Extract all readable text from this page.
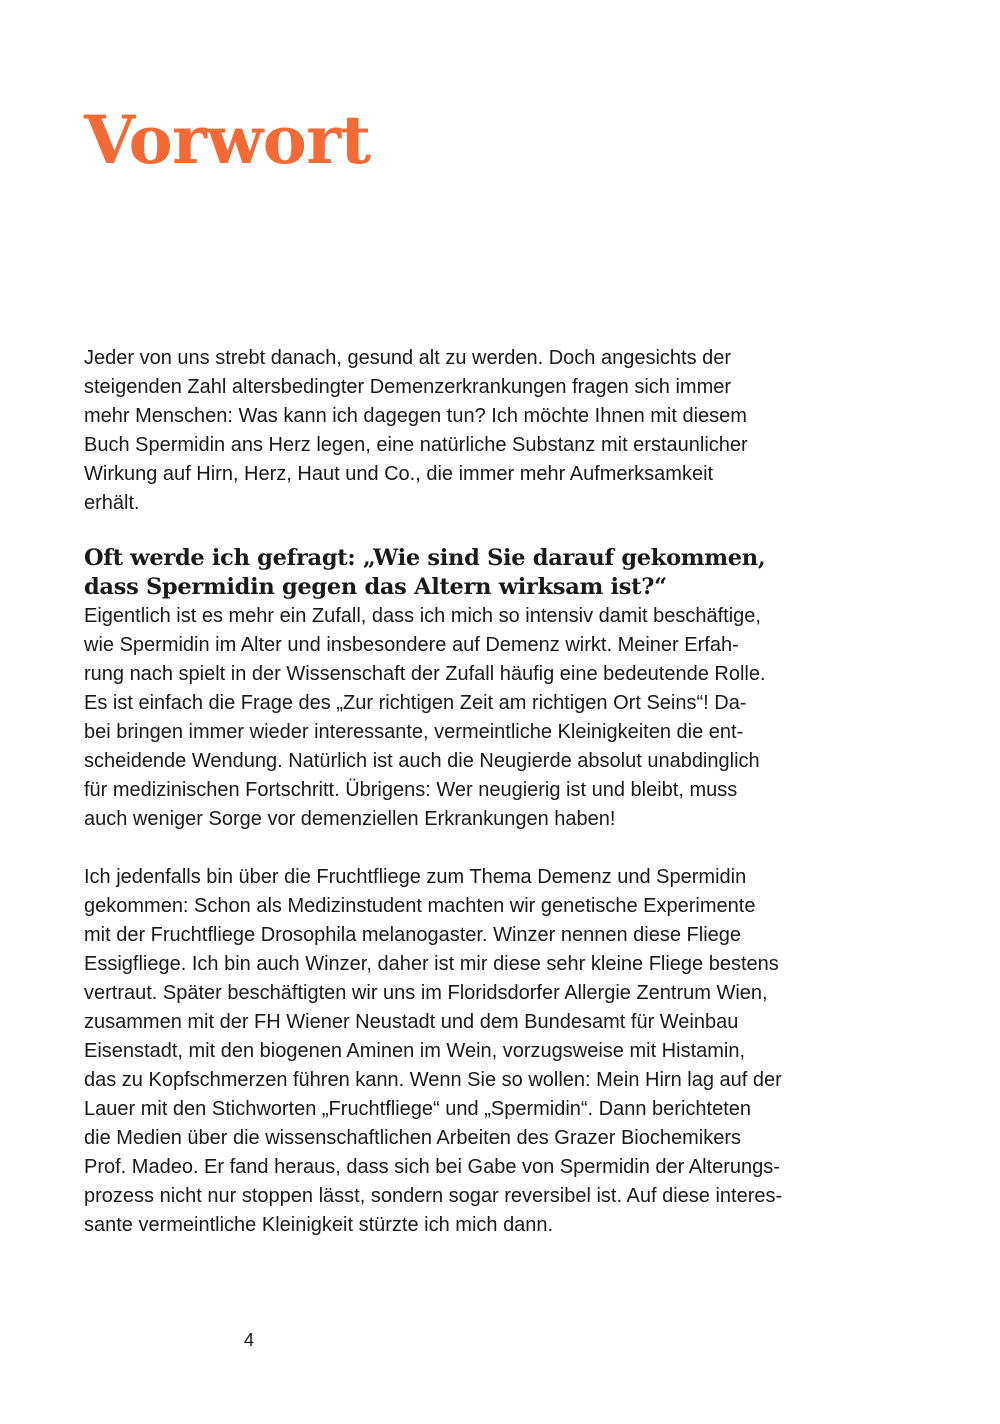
Vorwort

Jeder von uns strebt danach, gesund alt zu werden. Doch angesichts der
steigenden Zahl altersbedingter Demenzerkrankungen fragen sich immer
mehr Menschen: Was kann ich dagegen tun? Ich möchte Ihnen mit diesem
Buch Spermidin ans Herz legen, eine natürliche Substanz mit erstaunlicher
Wirkung auf Hirn, Herz, Haut und Co., die immer mehr Aufmerksamkeit
erhält.

Oft werde ich gefragt: „Wie sind Sie darauf gekommen,
dass Spermidin gegen das Altern wirksam ist?“

Eigentlich ist es mehr ein Zufall, dass ich mich so intensiv damit beschäftige,
wie Spermidin im Alter und insbesondere auf Demenz wirkt. Meiner Erfah-
rung nach spielt in der Wissenschaft der Zufall häufig eine bedeutende Rolle.
Es ist einfach die Frage des „Zur richtigen Zeit am richtigen Ort Seins“! Da-
bei bringen immer wieder interessante, vermeintliche Kleinigkeiten die ent-
scheidende Wendung. Natürlich ist auch die Neugierde absolut unabdinglich
für medizinischen Fortschritt. Übrigens: Wer neugierig ist und bleibt, muss
auch weniger Sorge vor demenziellen Erkrankungen haben!

Ich jedenfalls bin über die Fruchtfliege zum Thema Demenz und Spermidin
gekommen: Schon als Medizinstudent machten wir genetische Experimente
mit der Fruchtfliege Drosophila melanogaster. Winzer nennen diese Fliege
Essigfliege. Ich bin auch Winzer, daher ist mir diese sehr kleine Fliege bestens
vertraut. Später beschäftigten wir uns im Floridsdorfer Allergie Zentrum Wien,
zusammen mit der FH Wiener Neustadt und dem Bundesamt für Weinbau
Eisenstadt, mit den biogenen Aminen im Wein, vorzugsweise mit Histamin,
das zu Kopfschmerzen führen kann. Wenn Sie so wollen: Mein Hirn lag auf der
Lauer mit den Stichworten „Fruchtfliege“ und „Spermidin“. Dann berichteten
die Medien über die wissenschaftlichen Arbeiten des Grazer Biochemikers
Prof. Madeo. Er fand heraus, dass sich bei Gabe von Spermidin der Alterungs-
prozess nicht nur stoppen lässt, sondern sogar reversibel ist. Auf diese interes-
sante vermeintliche Kleinigkeit stürzte ich mich dann.

4
